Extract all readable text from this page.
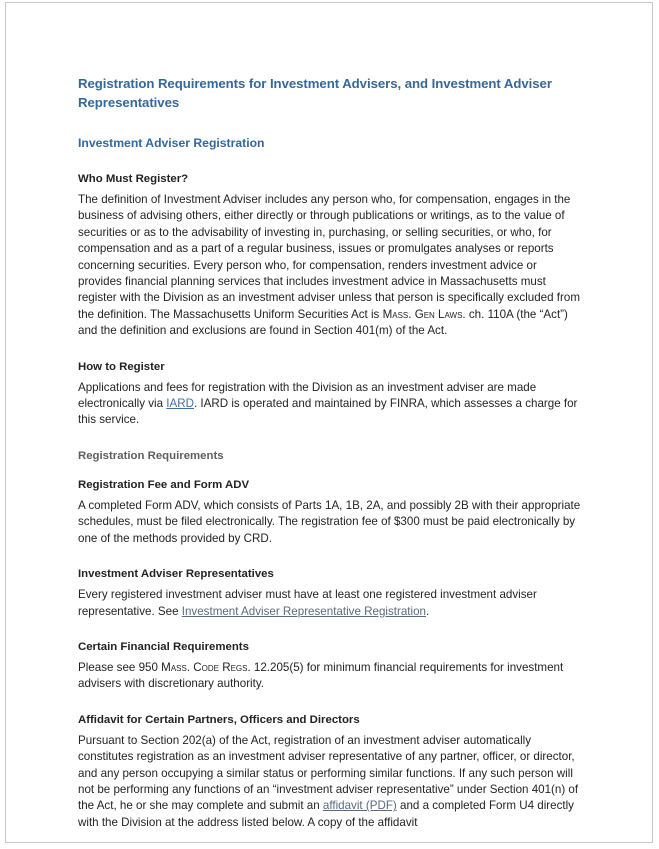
Registration Requirements for Investment Advisers, and Investment Adviser Representatives
Investment Adviser Registration
Who Must Register?

The definition of Investment Adviser includes any person who, for compensation, engages in the business of advising others, either directly or through publications or writings, as to the value of securities or as to the advisability of investing in, purchasing, or selling securities, or who, for compensation and as a part of a regular business, issues or promulgates analyses or reports concerning securities. Every person who, for compensation, renders investment advice or provides financial planning services that includes investment advice in Massachusetts must register with the Division as an investment adviser unless that person is specifically excluded from the definition. The Massachusetts Uniform Securities Act is Mass. Gen Laws. ch. 110A (the “Act”) and the definition and exclusions are found in Section 401(m) of the Act.

How to Register

Applications and fees for registration with the Division as an investment adviser are made electronically via IARD. IARD is operated and maintained by FINRA, which assesses a charge for this service.

Registration Requirements
Registration Fee and Form ADV

A completed Form ADV, which consists of Parts 1A, 1B, 2A, and possibly 2B with their appropriate schedules, must be filed electronically. The registration fee of $300 must be paid electronically by one of the methods provided by CRD.

Investment Adviser Representatives

Every registered investment adviser must have at least one registered investment adviser representative. See Investment Adviser Representative Registration.

Certain Financial Requirements

Please see 950 Mass. Code Regs. 12.205(5) for minimum financial requirements for investment advisers with discretionary authority.

Affidavit for Certain Partners, Officers and Directors

Pursuant to Section 202(a) of the Act, registration of an investment adviser automatically constitutes registration as an investment adviser representative of any partner, officer, or director, and any person occupying a similar status or performing similar functions. If any such person will not be performing any functions of an “investment adviser representative” under Section 401(n) of the Act, he or she may complete and submit an affidavit (PDF) and a completed Form U4 directly with the Division at the address listed below. A copy of the affidavit
